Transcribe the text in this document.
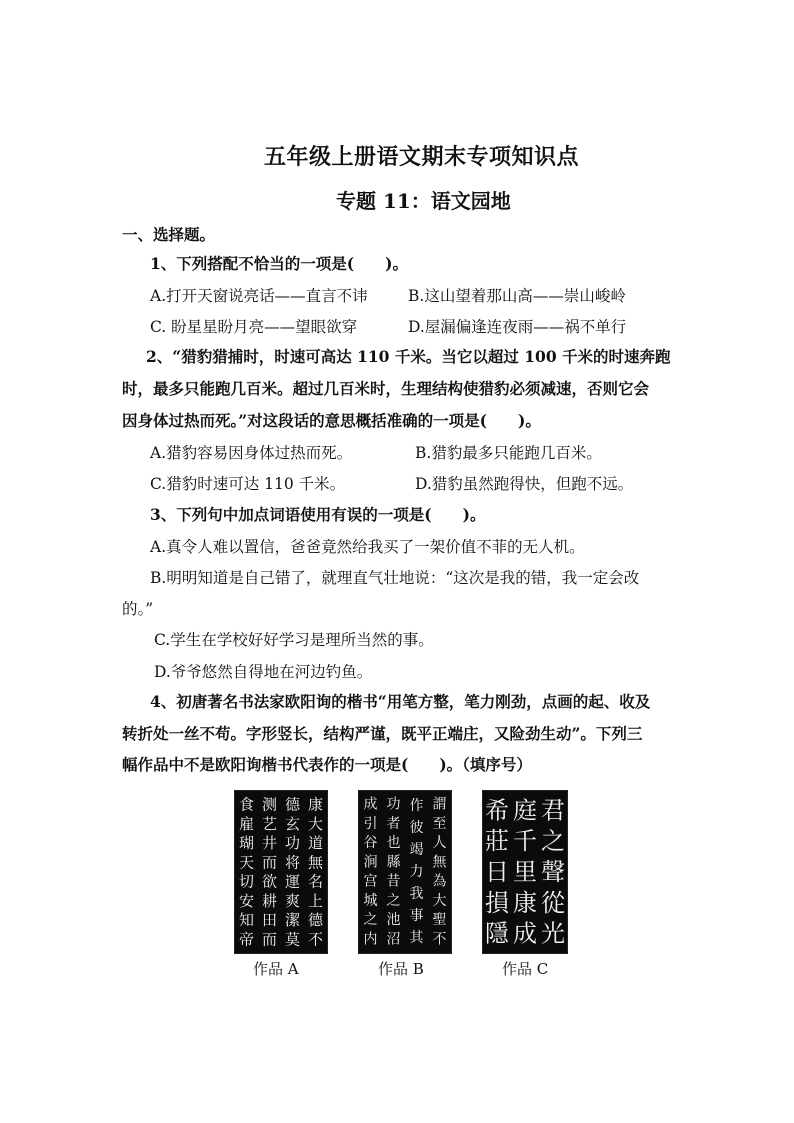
五年级上册语文期末专项知识点
专题 11：语文园地
一、选择题。
1、下列搭配不恰当的一项是(　　)。
A.打开天窗说亮话——直言不讳	B.这山望着那山高——崇山峻岭
C. 盼星星盼月亮——望眼欲穿	D.屋漏偏逢连夜雨——祸不单行
2、“猎豹猎捕时，时速可高达 110 千米。当它以超过 100 千米的时速奔跑
时，最多只能跑几百米。超过几百米时，生理结构使猎豹必须减速，否则它会
因身体过热而死。”对这段话的意思概括准确的一项是(　　)。
A.猎豹容易因身体过热而死。	B.猎豹最多只能跑几百米。
C.猎豹时速可达 110 千米。	D.猎豹虽然跑得快，但跑不远。
3、下列句中加点词语使用有误的一项是(　　)。
A.真令人难以置信，爸爸竟然给我买了一架价值不菲的无人机。
B.明明知道是自己错了，就理直气壮地说：“这次是我的错，我一定会改
的。”
C.学生在学校好好学习是理所当然的事。
D.爷爷悠然自得地在河边钓鱼。
4、初唐著名书法家欧阳询的楷书“用笔方整，笔力刚劲，点画的起、收及
转折处一丝不苟。字形竖长，结构严谨，既平正端庄，又险劲生动”。下列三
幅作品中不是欧阳询楷书代表作的一项是(　　)。（填序号）
康
大
道
無
名
上
德
不
德
玄
功
将
運
爽
潔
莫
测
艺
井
而
欲
耕
田
而
食
雇
瑚
天
切
安
知
帝
謂
至
人
無
為
大
聖
不
作
彼
竭
力
我
事
其
功
者
也
縣
昔
之
池
沼
成
引
谷
涧
宫
城
之
内
君
之
聲
從
光
庭
千
里
康
成
希
莊
日
損
隱
作品 A	作品 B	作品 C
